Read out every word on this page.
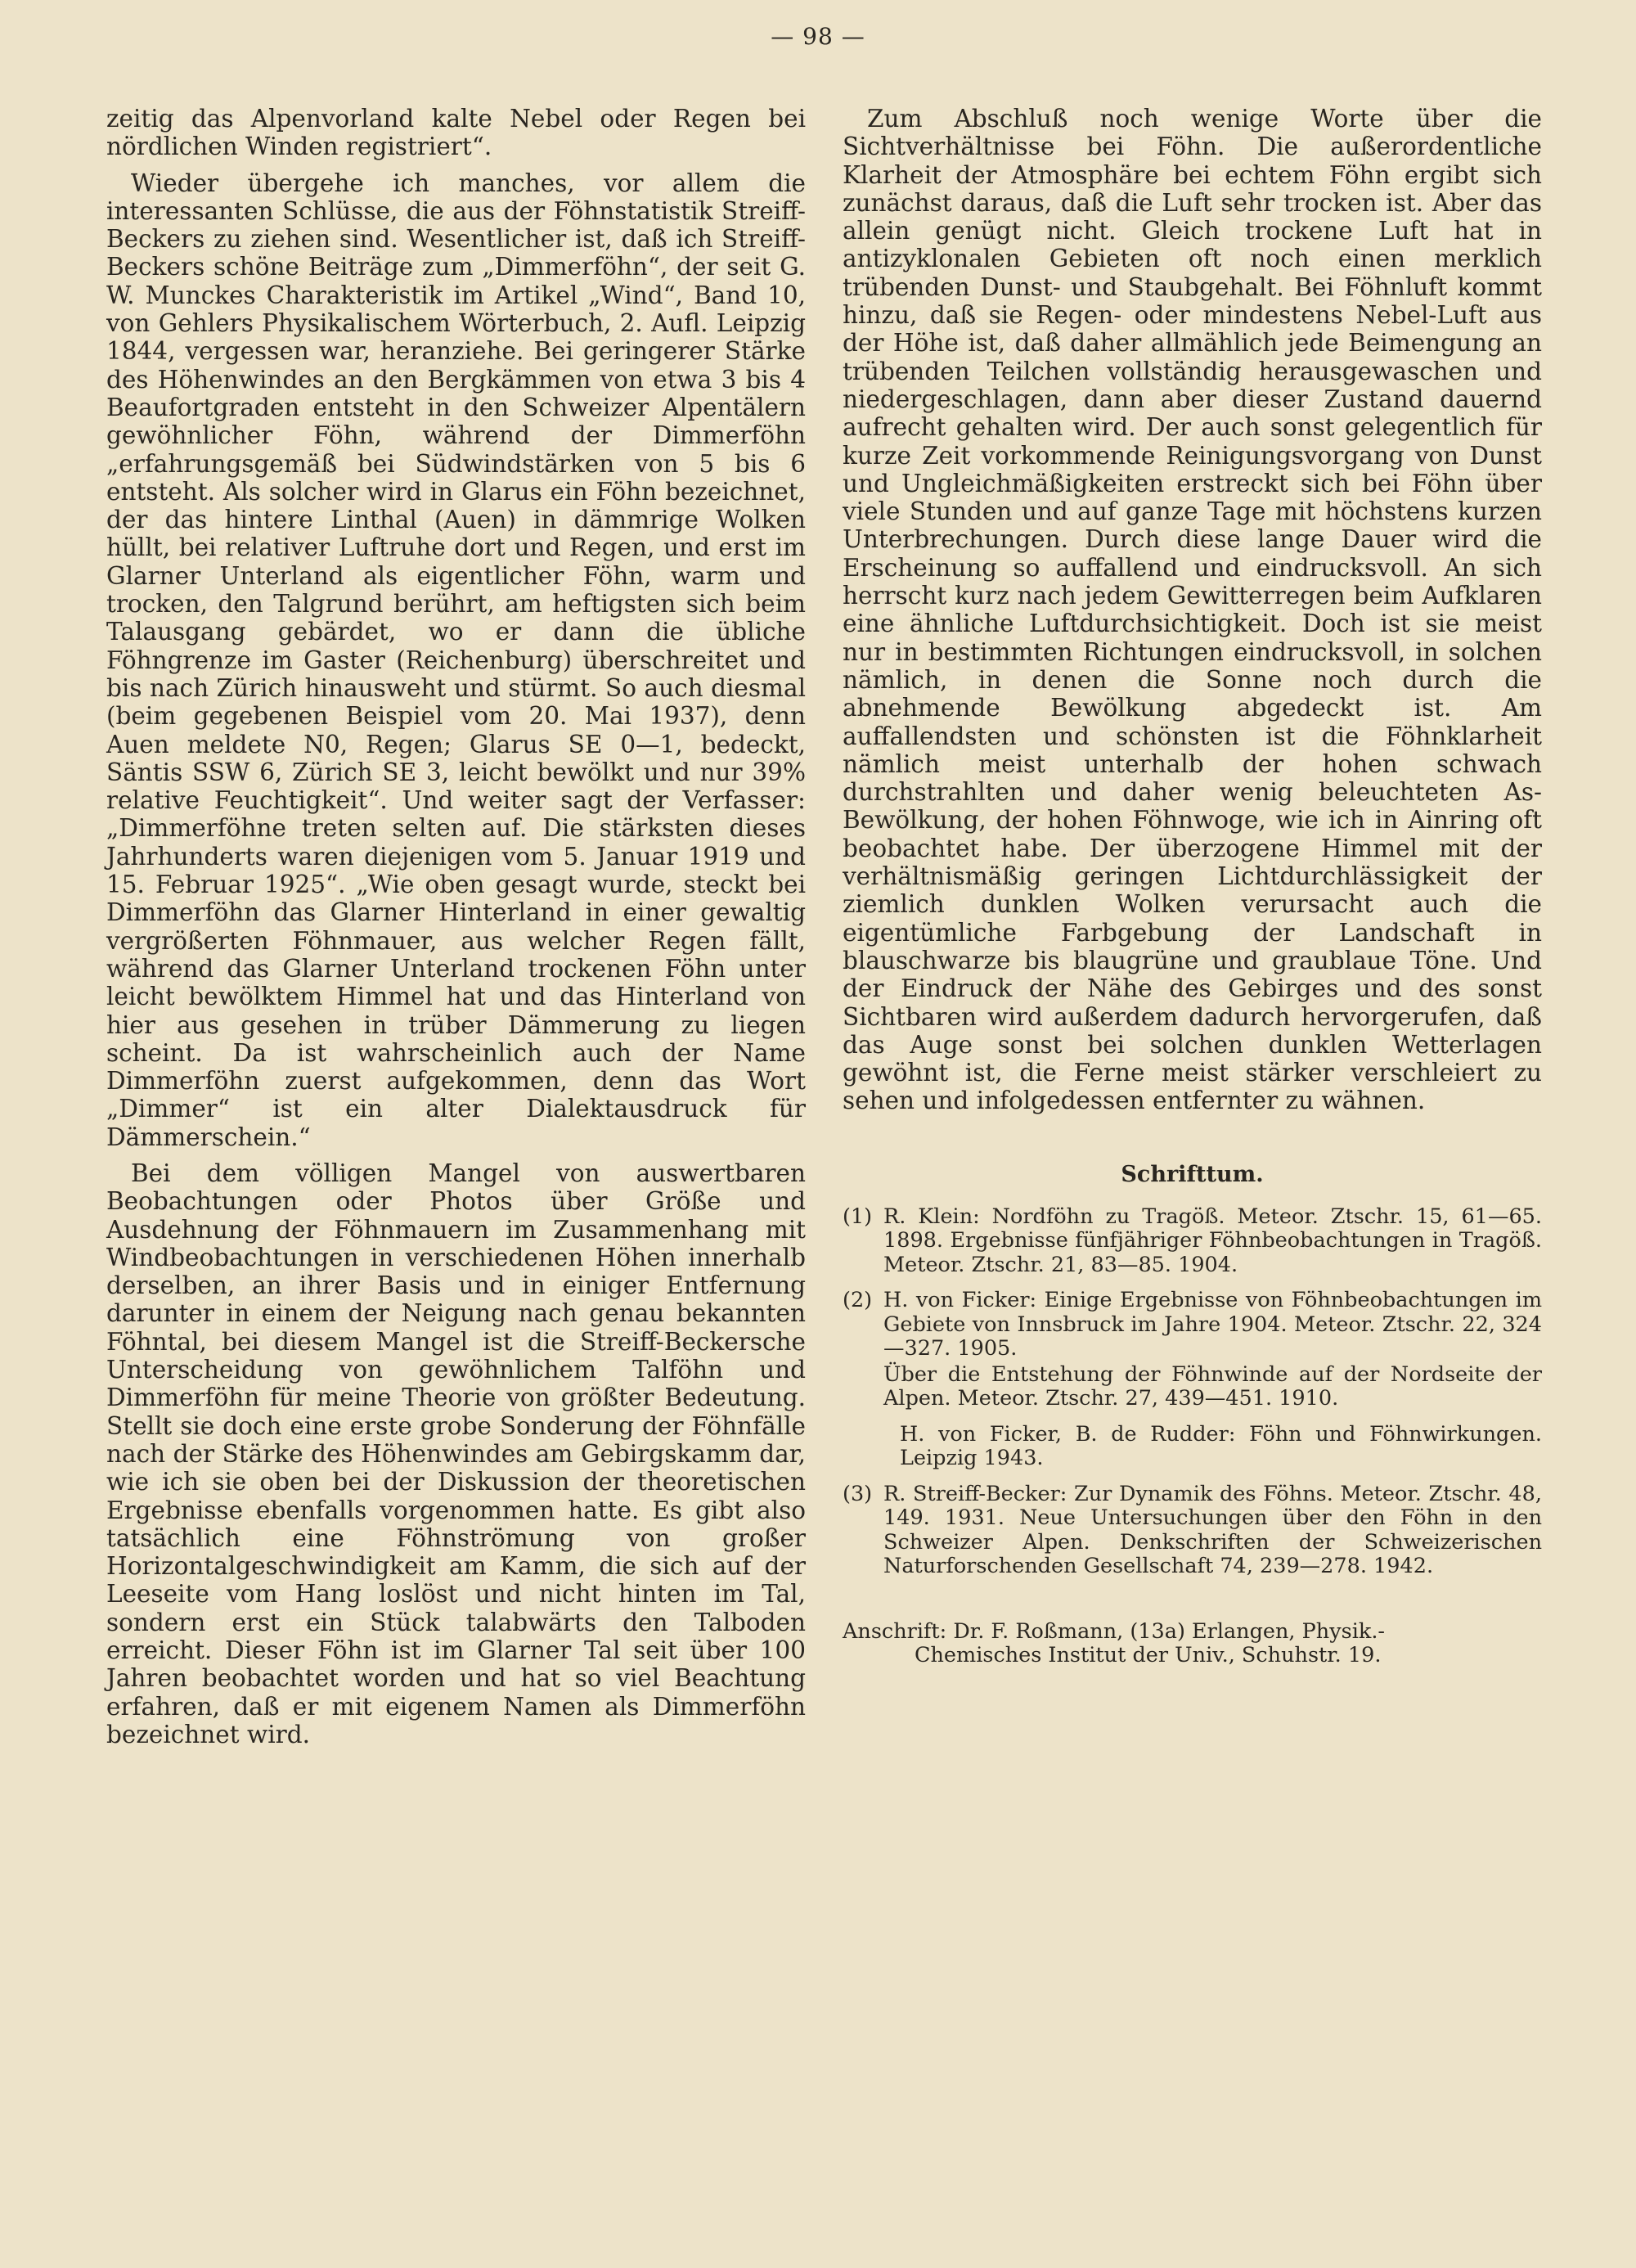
— 98 —

zeitig das Alpenvorland kalte Nebel oder Regen bei nördlichen Winden registriert“.

Wieder übergehe ich manches, vor allem die interessanten Schlüsse, die aus der Föhnstatistik Streiff-Beckers zu ziehen sind. Wesentlicher ist, daß ich Streiff-Beckers schöne Beiträge zum „Dimmerföhn“, der seit G. W. Munckes Charakteristik im Artikel „Wind“, Band 10, von Gehlers Physikalischem Wörterbuch, 2. Aufl. Leipzig 1844, vergessen war, heranziehe. Bei geringerer Stärke des Höhenwindes an den Bergkämmen von etwa 3 bis 4 Beaufortgraden entsteht in den Schweizer Alpentälern gewöhnlicher Föhn, während der Dimmerföhn „erfahrungsgemäß bei Südwindstärken von 5 bis 6 entsteht. Als solcher wird in Glarus ein Föhn bezeichnet, der das hintere Linthal (Auen) in dämmrige Wolken hüllt, bei relativer Luftruhe dort und Regen, und erst im Glarner Unterland als eigentlicher Föhn, warm und trocken, den Talgrund berührt, am heftigsten sich beim Talausgang gebärdet, wo er dann die übliche Föhngrenze im Gaster (Reichenburg) überschreitet und bis nach Zürich hinausweht und stürmt. So auch diesmal (beim gegebenen Beispiel vom 20. Mai 1937), denn Auen meldete N0, Regen; Glarus SE 0—1, bedeckt, Säntis SSW 6, Zürich SE 3, leicht bewölkt und nur 39% relative Feuchtigkeit“. Und weiter sagt der Verfasser: „Dimmerföhne treten selten auf. Die stärksten dieses Jahrhunderts waren diejenigen vom 5. Januar 1919 und 15. Februar 1925“. „Wie oben gesagt wurde, steckt bei Dimmerföhn das Glarner Hinterland in einer gewaltig vergrößerten Föhnmauer, aus welcher Regen fällt, während das Glarner Unterland trockenen Föhn unter leicht bewölktem Himmel hat und das Hinterland von hier aus gesehen in trüber Dämmerung zu liegen scheint. Da ist wahrscheinlich auch der Name Dimmerföhn zuerst aufgekommen, denn das Wort „Dimmer“ ist ein alter Dialektausdruck für Dämmerschein.“

Bei dem völligen Mangel von auswertbaren Beobachtungen oder Photos über Größe und Ausdehnung der Föhnmauern im Zusammenhang mit Windbeobachtungen in verschiedenen Höhen innerhalb derselben, an ihrer Basis und in einiger Entfernung darunter in einem der Neigung nach genau bekannten Föhntal, bei diesem Mangel ist die Streiff-Beckersche Unterscheidung von gewöhnlichem Talföhn und Dimmerföhn für meine Theorie von größter Bedeutung. Stellt sie doch eine erste grobe Sonderung der Föhnfälle nach der Stärke des Höhenwindes am Gebirgskamm dar, wie ich sie oben bei der Diskussion der theoretischen Ergebnisse ebenfalls vorgenommen hatte. Es gibt also tatsächlich eine Föhnströmung von großer Horizontalgeschwindigkeit am Kamm, die sich auf der Leeseite vom Hang loslöst und nicht hinten im Tal, sondern erst ein Stück talabwärts den Talboden erreicht. Dieser Föhn ist im Glarner Tal seit über 100 Jahren beobachtet worden und hat so viel Beachtung erfahren, daß er mit eigenem Namen als Dimmerföhn bezeichnet wird.

Zum Abschluß noch wenige Worte über die Sichtverhältnisse bei Föhn. Die außerordentliche Klarheit der Atmosphäre bei echtem Föhn ergibt sich zunächst daraus, daß die Luft sehr trocken ist. Aber das allein genügt nicht. Gleich trockene Luft hat in antizyklonalen Gebieten oft noch einen merklich trübenden Dunst- und Staubgehalt. Bei Föhnluft kommt hinzu, daß sie Regen- oder mindestens Nebel-Luft aus der Höhe ist, daß daher allmählich jede Beimengung an trübenden Teilchen vollständig herausgewaschen und niedergeschlagen, dann aber dieser Zustand dauernd aufrecht gehalten wird. Der auch sonst gelegentlich für kurze Zeit vorkommende Reinigungsvorgang von Dunst und Ungleichmäßigkeiten erstreckt sich bei Föhn über viele Stunden und auf ganze Tage mit höchstens kurzen Unterbrechungen. Durch diese lange Dauer wird die Erscheinung so auffallend und eindrucksvoll. An sich herrscht kurz nach jedem Gewitterregen beim Aufklaren eine ähnliche Luftdurchsichtigkeit. Doch ist sie meist nur in bestimmten Richtungen eindrucksvoll, in solchen nämlich, in denen die Sonne noch durch die abnehmende Bewölkung abgedeckt ist. Am auffallendsten und schönsten ist die Föhnklarheit nämlich meist unterhalb der hohen schwach durchstrahlten und daher wenig beleuchteten As-Bewölkung, der hohen Föhnwoge, wie ich in Ainring oft beobachtet habe. Der überzogene Himmel mit der verhältnismäßig geringen Lichtdurchlässigkeit der ziemlich dunklen Wolken verursacht auch die eigentümliche Farbgebung der Landschaft in blauschwarze bis blaugrüne und graublaue Töne. Und der Eindruck der Nähe des Gebirges und des sonst Sichtbaren wird außerdem dadurch hervorgerufen, daß das Auge sonst bei solchen dunklen Wetterlagen gewöhnt ist, die Ferne meist stärker verschleiert zu sehen und infolgedessen entfernter zu wähnen.

Schrifttum.
(1) R. Klein: Nordföhn zu Tragöß. Meteor. Ztschr. 15, 61—65. 1898. Ergebnisse fünfjähriger Föhnbeobachtungen in Tragöß. Meteor. Ztschr. 21, 83—85. 1904.

(2) H. von Ficker: Einige Ergebnisse von Föhnbeobachtungen im Gebiete von Innsbruck im Jahre 1904. Meteor. Ztschr. 22, 324—327. 1905.

Über die Entstehung der Föhnwinde auf der Nordseite der Alpen. Meteor. Ztschr. 27, 439—451. 1910.

H. von Ficker, B. de Rudder: Föhn und Föhnwirkungen. Leipzig 1943.

(3) R. Streiff-Becker: Zur Dynamik des Föhns. Meteor. Ztschr. 48, 149. 1931. Neue Untersuchungen über den Föhn in den Schweizer Alpen. Denkschriften der Schweizerischen Naturforschenden Gesellschaft 74, 239—278. 1942.

Anschrift: Dr. F. Roßmann, (13a) Erlangen, Physik.-
Chemisches Institut der Univ., Schuhstr. 19.
